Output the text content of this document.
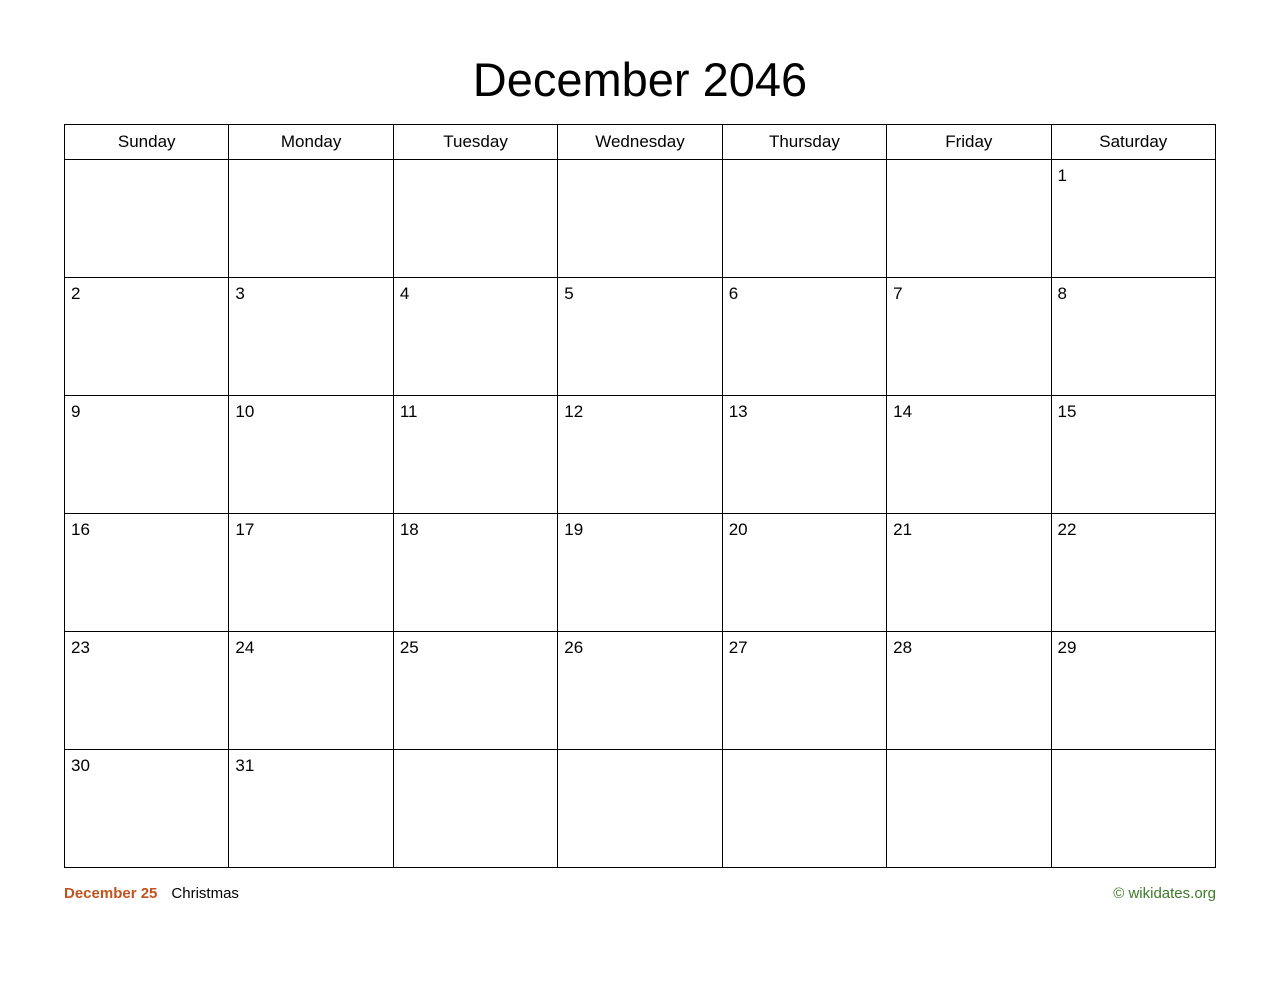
December 2046
Sunday	Monday	Tuesday	Wednesday	Thursday	Friday	Saturday

						1

2	3	4	5	6	7	8

9	10	11	12	13	14	15

16	17	18	19	20	21	22

23	24	25	26	27	28	29

30	31					

December 25 Christmas	© wikidates.org
